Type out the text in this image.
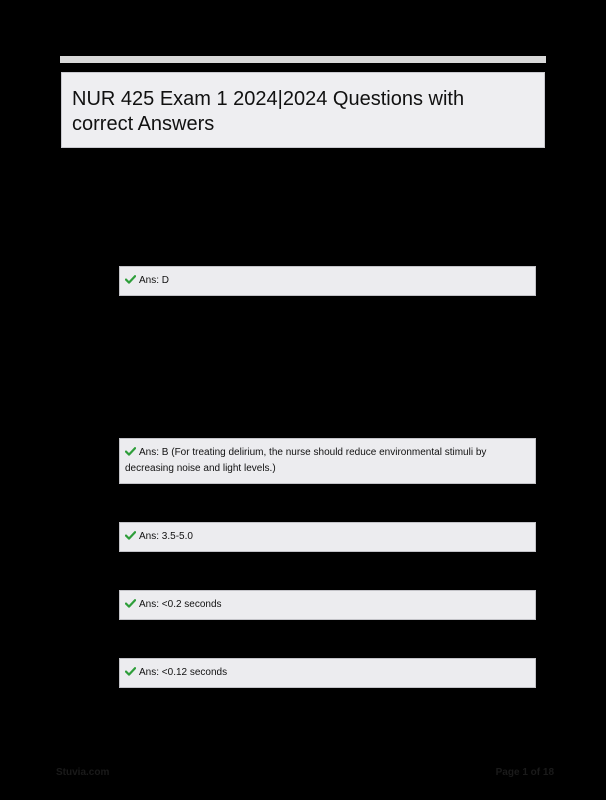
NUR 425 Exam 1 2024|2024 Questions with correct Answers
Ans: D
Ans: B (For treating delirium, the nurse should reduce environmental stimuli by decreasing noise and light levels.)
Ans: 3.5-5.0
Ans: <0.2 seconds
Ans: <0.12 seconds
Stuvia.com	Page 1 of 18
